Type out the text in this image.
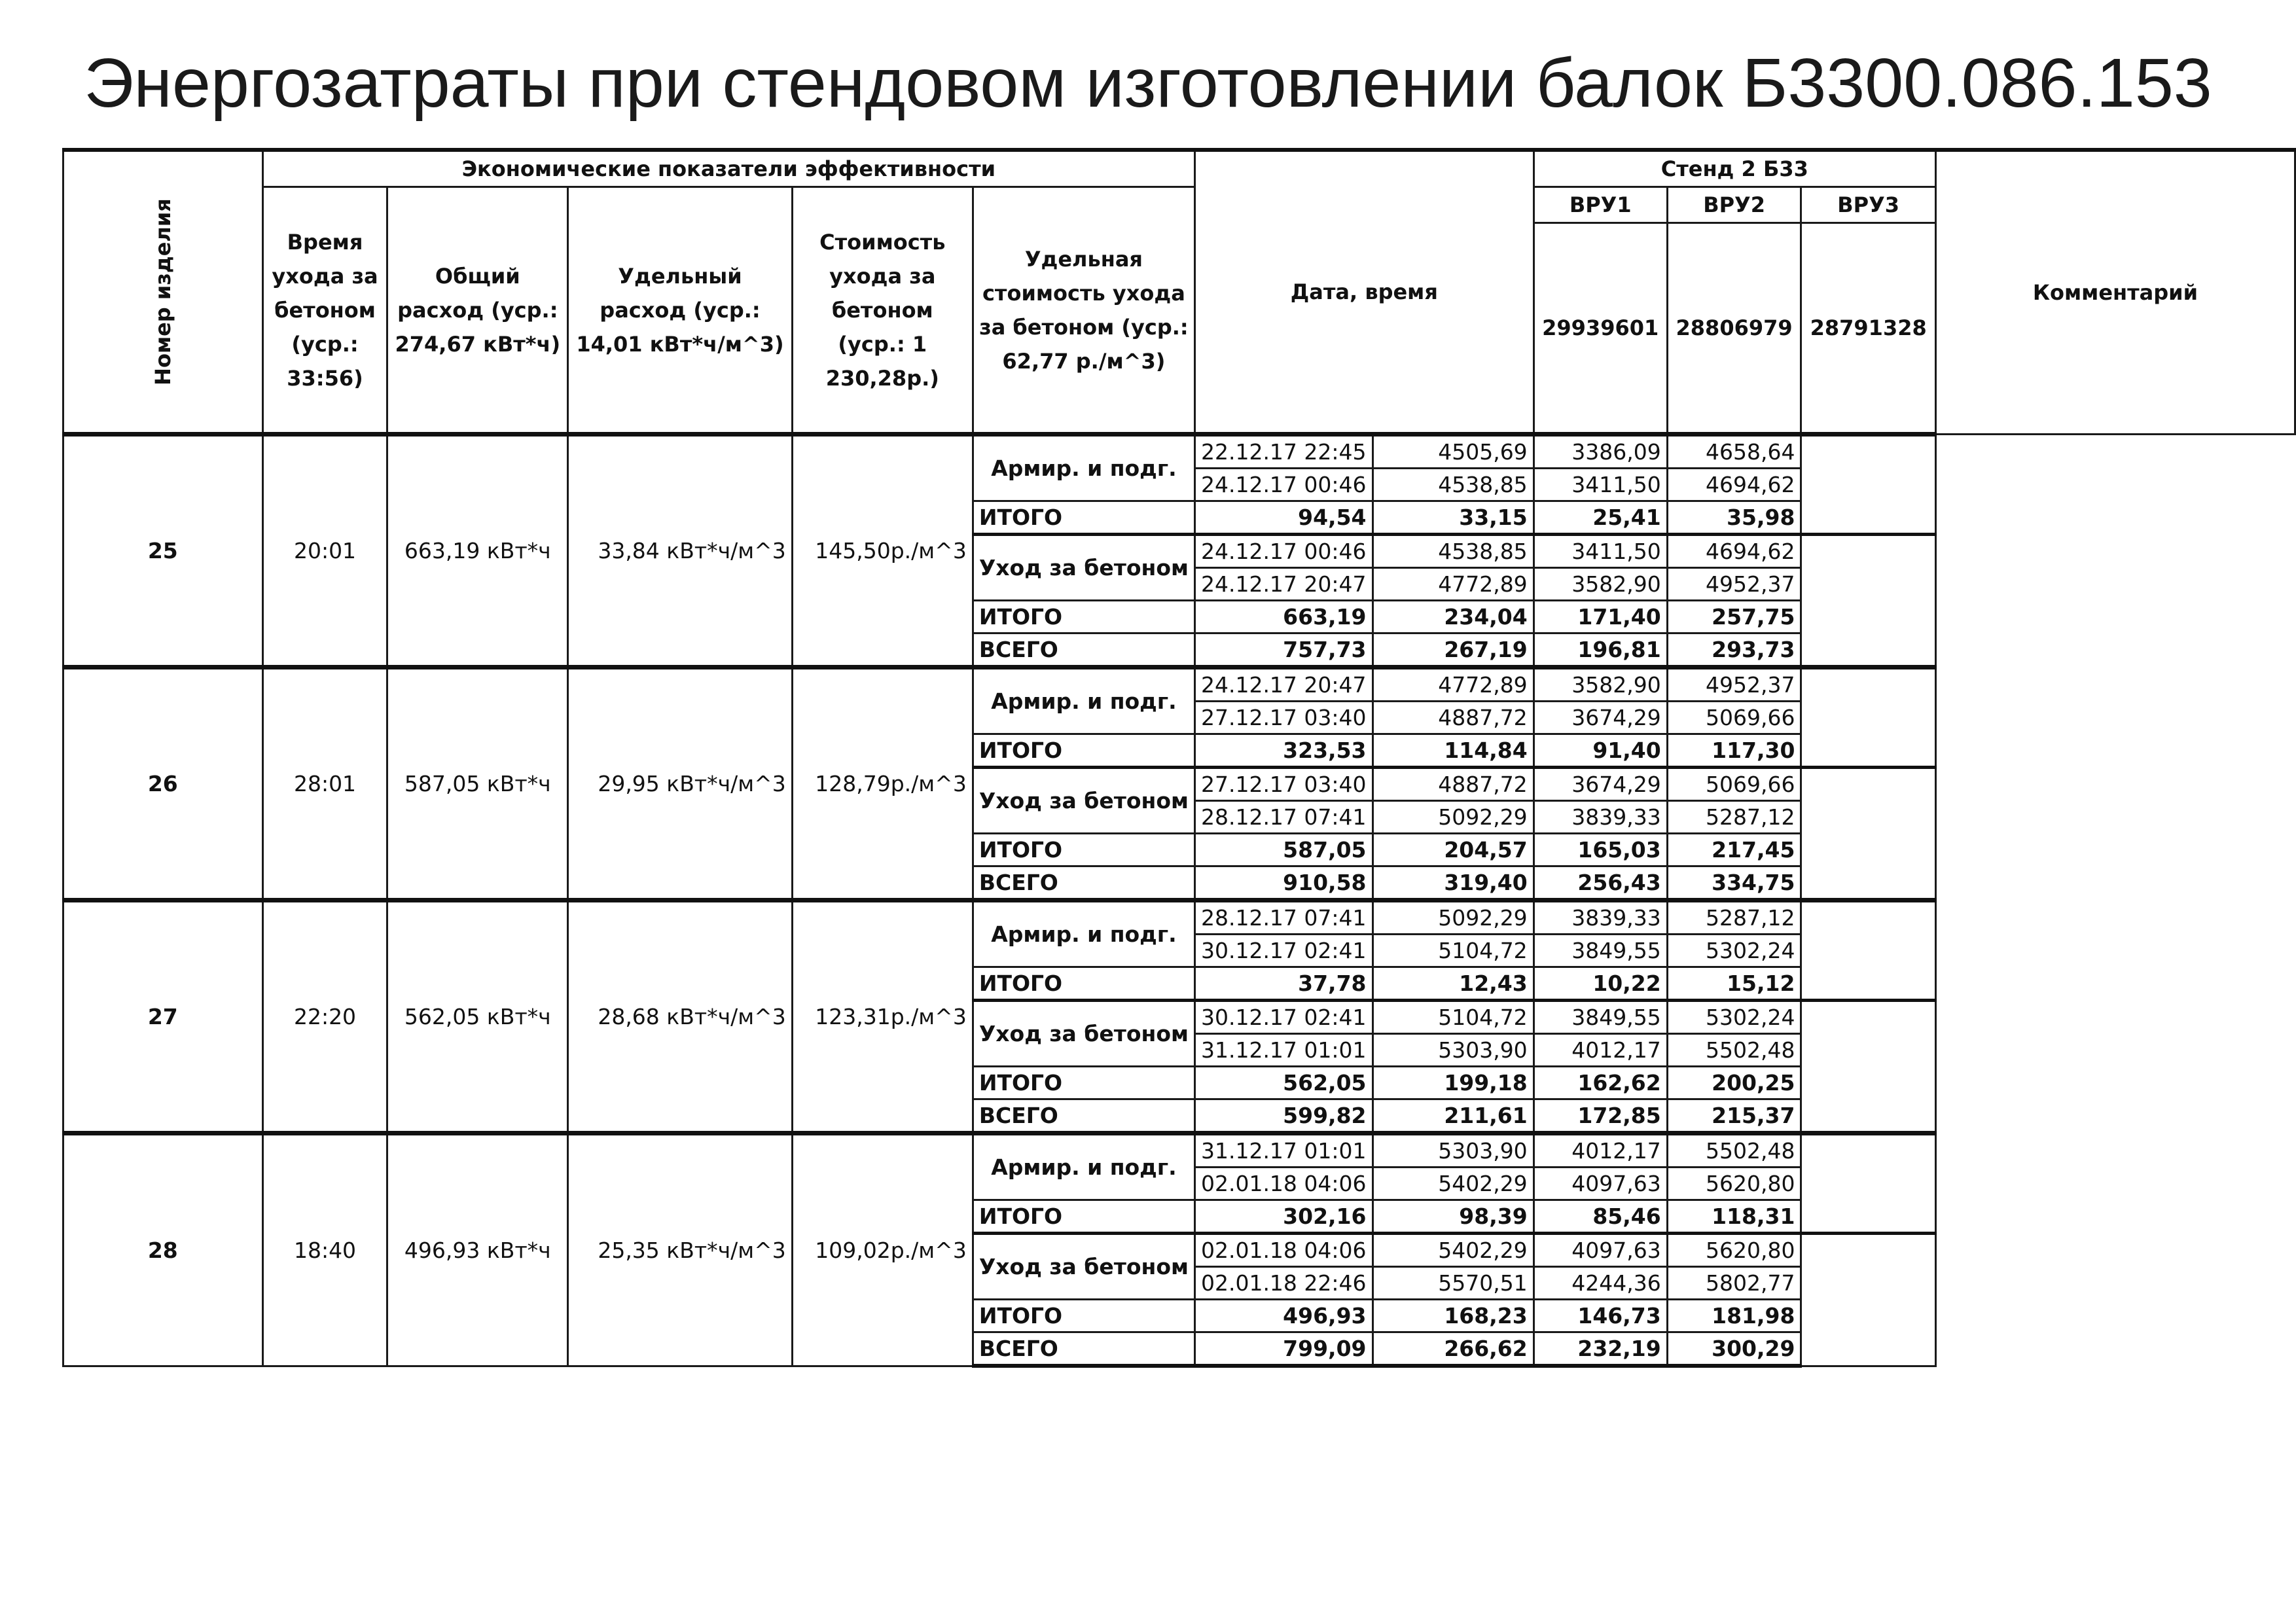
Энергозатраты при стендовом изготовлении балок Б3300.086.153
Номер изделия	Экономические показатели эффективности					Дата, время		Стенд 2 Б33			Комментарий
	Время ухода за бетоном (уср.: 33:56)	Общий расход (уср.: 274,67 кВт*ч)	Удельный расход (уср.: 14,01 кВт*ч/м^3)	Стоимость ухода за бетоном (уср.: 1 230,28р.)	Удельная стоимость ухода за бетоном (уср.: 62,77 р./м^3)			ВРУ1	ВРУ2	ВРУ3	
								29939601	28806979	28791328	
25	20:01	663,19 кВт*ч	33,84 кВт*ч/м^3	145,50р./м^3	Армир. и подг.	22.12.17 22:45	4505,69	3386,09	4658,64		
						24.12.17 00:46	4538,85	3411,50	4694,62		
					ИТОГО	94,54	33,15	25,41	35,98		
					Уход за бетоном	24.12.17 00:46	4538,85	3411,50	4694,62		
						24.12.17 20:47	4772,89	3582,90	4952,37		
					ИТОГО	663,19	234,04	171,40	257,75		
					ВСЕГО	757,73	267,19	196,81	293,73		
26	28:01	587,05 кВт*ч	29,95 кВт*ч/м^3	128,79р./м^3	Армир. и подг.	24.12.17 20:47	4772,89	3582,90	4952,37		
						27.12.17 03:40	4887,72	3674,29	5069,66		
					ИТОГО	323,53	114,84	91,40	117,30		
					Уход за бетоном	27.12.17 03:40	4887,72	3674,29	5069,66		
						28.12.17 07:41	5092,29	3839,33	5287,12		
					ИТОГО	587,05	204,57	165,03	217,45		
					ВСЕГО	910,58	319,40	256,43	334,75		
27	22:20	562,05 кВт*ч	28,68 кВт*ч/м^3	123,31р./м^3	Армир. и подг.	28.12.17 07:41	5092,29	3839,33	5287,12		
						30.12.17 02:41	5104,72	3849,55	5302,24		
					ИТОГО	37,78	12,43	10,22	15,12		
					Уход за бетоном	30.12.17 02:41	5104,72	3849,55	5302,24		
						31.12.17 01:01	5303,90	4012,17	5502,48		
					ИТОГО	562,05	199,18	162,62	200,25		
					ВСЕГО	599,82	211,61	172,85	215,37		
28	18:40	496,93 кВт*ч	25,35 кВт*ч/м^3	109,02р./м^3	Армир. и подг.	31.12.17 01:01	5303,90	4012,17	5502,48		
						02.01.18 04:06	5402,29	4097,63	5620,80		
					ИТОГО	302,16	98,39	85,46	118,31		
					Уход за бетоном	02.01.18 04:06	5402,29	4097,63	5620,80		
						02.01.18 22:46	5570,51	4244,36	5802,77		
					ИТОГО	496,93	168,23	146,73	181,98		
					ВСЕГО	799,09	266,62	232,19	300,29		
